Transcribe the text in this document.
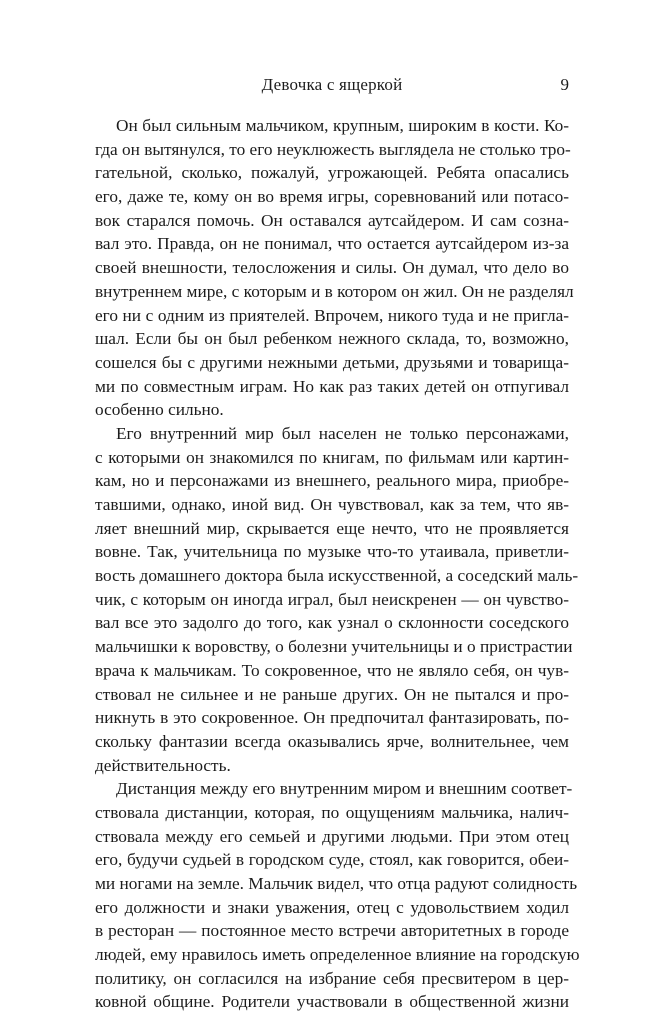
Девочка с ящеркой	9
Он был сильным мальчиком, крупным, широким в кости. Ко-
гда он вытянулся, то его неуклюжесть выглядела не столько тро-
гательной, сколько, пожалуй, угрожающей. Ребята опасались
его, даже те, кому он во время игры, соревнований или потасо-
вок старался помочь. Он оставался аутсайдером. И сам созна-
вал это. Правда, он не понимал, что остается аутсайдером из-за
своей внешности, телосложения и силы. Он думал, что дело во
внутреннем мире, с которым и в котором он жил. Он не разделял
его ни с одним из приятелей. Впрочем, никого туда и не пригла-
шал. Если бы он был ребенком нежного склада, то, возможно,
сошелся бы с другими нежными детьми, друзьями и товарища-
ми по совместным играм. Но как раз таких детей он отпугивал
особенно сильно.
Его внутренний мир был населен не только персонажами,
с которыми он знакомился по книгам, по фильмам или картин-
кам, но и персонажами из внешнего, реального мира, приобре-
тавшими, однако, иной вид. Он чувствовал, как за тем, что яв-
ляет внешний мир, скрывается еще нечто, что не проявляется
вовне. Так, учительница по музыке что-то утаивала, приветли-
вость домашнего доктора была искусственной, а соседский маль-
чик, с которым он иногда играл, был неискренен — он чувство-
вал все это задолго до того, как узнал о склонности соседского
мальчишки к воровству, о болезни учительницы и о пристрастии
врача к мальчикам. То сокровенное, что не являло себя, он чув-
ствовал не сильнее и не раньше других. Он не пытался и про-
никнуть в это сокровенное. Он предпочитал фантазировать, по-
скольку фантазии всегда оказывались ярче, волнительнее, чем
действительность.
Дистанция между его внутренним миром и внешним соответ-
ствовала дистанции, которая, по ощущениям мальчика, налич-
ствовала между его семьей и другими людьми. При этом отец
его, будучи судьей в городском суде, стоял, как говорится, обеи-
ми ногами на земле. Мальчик видел, что отца радуют солидность
его должности и знаки уважения, отец с удовольствием ходил
в ресторан — постоянное место встречи авторитетных в городе
людей, ему нравилось иметь определенное влияние на городскую
политику, он согласился на избрание себя пресвитером в цер-
ковной общине. Родители участвовали в общественной жизни
